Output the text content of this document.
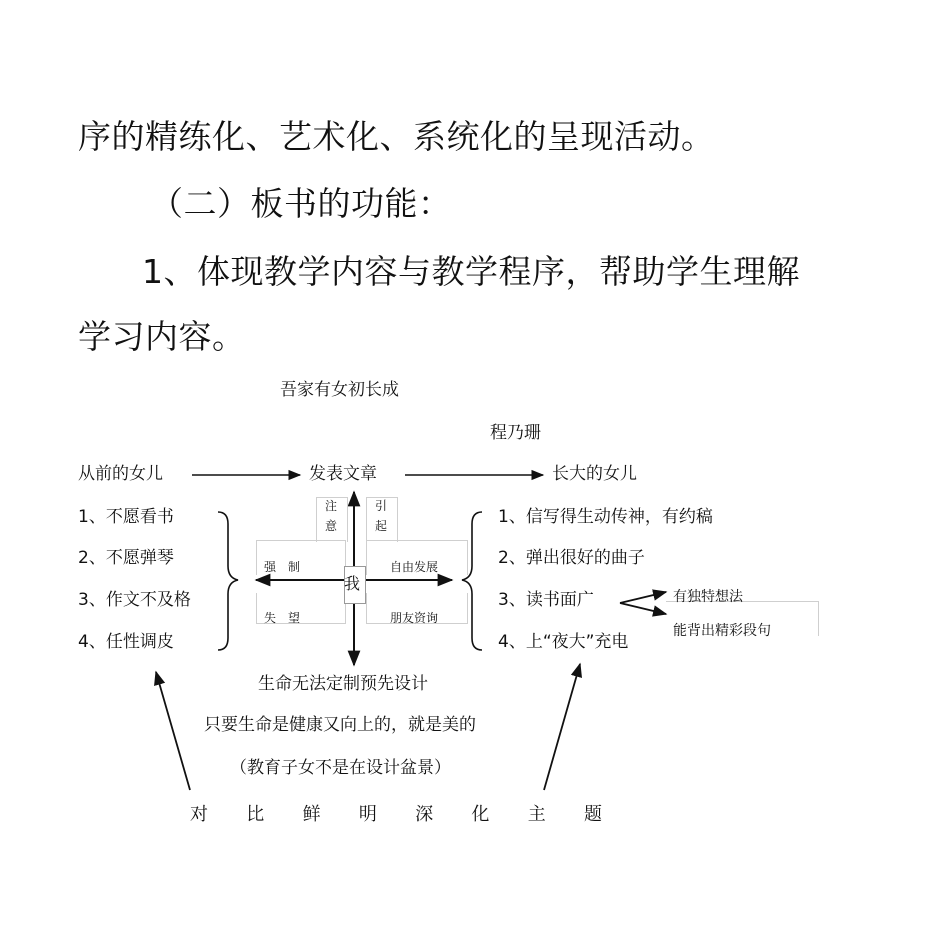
序的精练化、艺术化、系统化的呈现活动。
（二）板书的功能：
1、体现教学内容与教学程序，帮助学生理解
学习内容。
吾家有女初长成
程乃珊
从前的女儿	发表文章	长大的女儿
1、不愿看书
2、不愿弹琴
3、作文不及格
4、任性调皮
1、信写得生动传神，有约稿
2、弹出很好的曲子
3、读书面广
4、上“夜大”充电
注
意
引
起
强　制	自由发展
失　望	朋友资询
我
有独特想法
能背出精彩段句
生命无法定制预先设计
只要生命是健康又向上的，就是美的
（教育子女不是在设计盆景）
对 比 鲜 明 深 化 主 题
